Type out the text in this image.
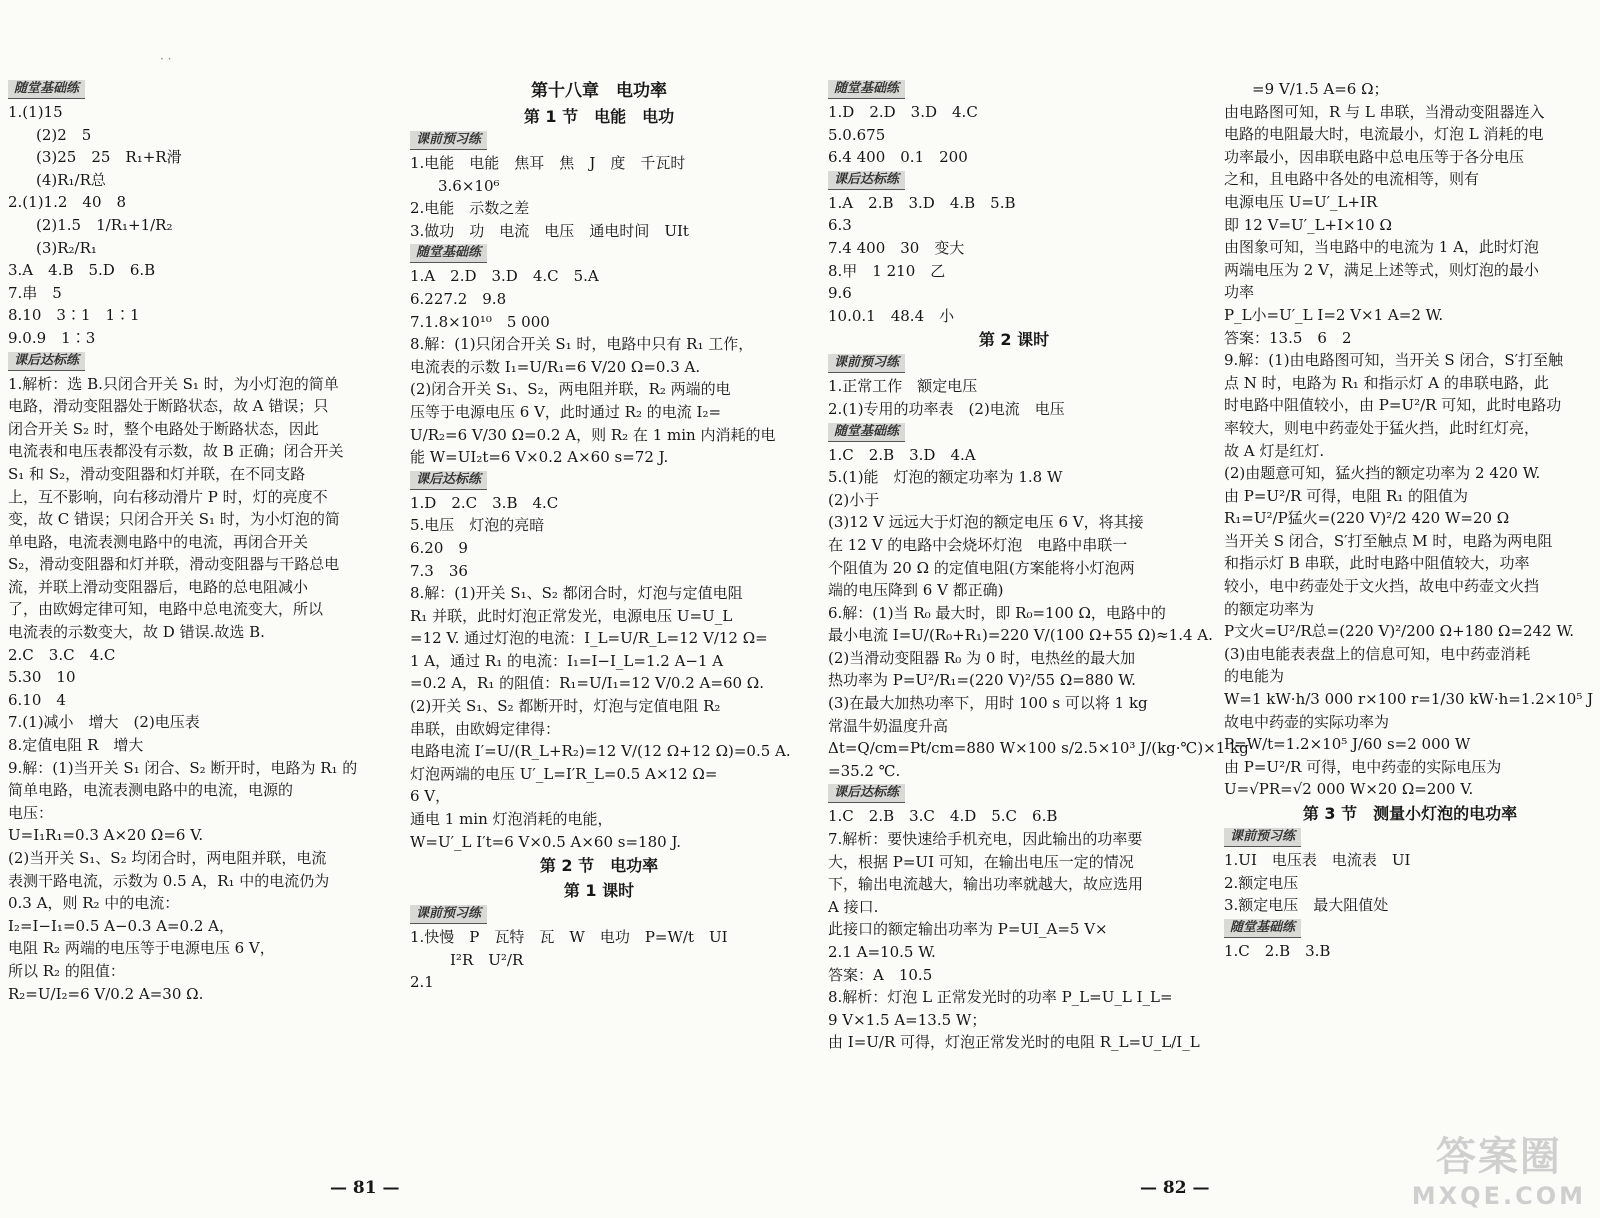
· ·
随堂基础练
1.(1)15
(2)2　5
(3)25　25　R₁+R滑
(4)R₁/R总
2.(1)1.2　40　8
(2)1.5　1/R₁+1/R₂
(3)R₂/R₁
3.A　4.B　5.D　6.B
7.串　5
8.10　3∶1　1∶1
9.0.9　1∶3
课后达标练
1.解析：选 B.只闭合开关 S₁ 时，为小灯泡的简单
电路，滑动变阻器处于断路状态，故 A 错误；只
闭合开关 S₂ 时，整个电路处于断路状态，因此
电流表和电压表都没有示数，故 B 正确；闭合开关
S₁ 和 S₂，滑动变阻器和灯并联，在不同支路
上，互不影响，向右移动滑片 P 时，灯的亮度不
变，故 C 错误；只闭合开关 S₁ 时，为小灯泡的简
单电路，电流表测电路中的电流，再闭合开关
S₂，滑动变阻器和灯并联，滑动变阻器与干路总电
流，并联上滑动变阻器后，电路的总电阻减小
了，由欧姆定律可知，电路中总电流变大，所以
电流表的示数变大，故 D 错误.故选 B.
2.C　3.C　4.C
5.30　10
6.10　4
7.(1)减小　增大　(2)电压表
8.定值电阻 R　增大
9.解：(1)当开关 S₁ 闭合、S₂ 断开时，电路为 R₁ 的
简单电路，电流表测电路中的电流，电源的
电压：
U=I₁R₁=0.3 A×20 Ω=6 V.
(2)当开关 S₁、S₂ 均闭合时，两电阻并联，电流
表测干路电流，示数为 0.5 A，R₁ 中的电流仍为
0.3 A，则 R₂ 中的电流：
I₂=I−I₁=0.5 A−0.3 A=0.2 A，
电阻 R₂ 两端的电压等于电源电压 6 V，
所以 R₂ 的阻值：
R₂=U/I₂=6 V/0.2 A=30 Ω.
第十八章　电功率
第 1 节　电能　电功
课前预习练
1.电能　电能　焦耳　焦　J　度　千瓦时
3.6×10⁶
2.电能　示数之差
3.做功　功　电流　电压　通电时间　UIt
随堂基础练
1.A　2.D　3.D　4.C　5.A
6.227.2　9.8
7.1.8×10¹⁰　5 000
8.解：(1)只闭合开关 S₁ 时，电路中只有 R₁ 工作，
电流表的示数 I₁=U/R₁=6 V/20 Ω=0.3 A.
(2)闭合开关 S₁、S₂，两电阻并联，R₂ 两端的电
压等于电源电压 6 V，此时通过 R₂ 的电流 I₂=
U/R₂=6 V/30 Ω=0.2 A，则 R₂ 在 1 min 内消耗的电
能 W=UI₂t=6 V×0.2 A×60 s=72 J.
课后达标练
1.D　2.C　3.B　4.C
5.电压　灯泡的亮暗
6.20　9
7.3　36
8.解：(1)开关 S₁、S₂ 都闭合时，灯泡与定值电阻
R₁ 并联，此时灯泡正常发光，电源电压 U=U_L
=12 V. 通过灯泡的电流：I_L=U/R_L=12 V/12 Ω=
1 A，通过 R₁ 的电流：I₁=I−I_L=1.2 A−1 A
=0.2 A，R₁ 的阻值：R₁=U/I₁=12 V/0.2 A=60 Ω.
(2)开关 S₁、S₂ 都断开时，灯泡与定值电阻 R₂
串联，由欧姆定律得：
电路电流 I′=U/(R_L+R₂)=12 V/(12 Ω+12 Ω)=0.5 A.
灯泡两端的电压 U′_L=I′R_L=0.5 A×12 Ω=
6 V，
通电 1 min 灯泡消耗的电能，
W=U′_L I′t=6 V×0.5 A×60 s=180 J.
第 2 节　电功率
第 1 课时
课前预习练
1.快慢　P　瓦特　瓦　W　电功　P=W/t　UI
I²R　U²/R
2.1
随堂基础练
1.D　2.D　3.D　4.C
5.0.675
6.4 400　0.1　200
课后达标练
1.A　2.B　3.D　4.B　5.B
6.3
7.4 400　30　变大
8.甲　1 210　乙
9.6
10.0.1　48.4　小
第 2 课时
课前预习练
1.正常工作　额定电压
2.(1)专用的功率表　(2)电流　电压
随堂基础练
1.C　2.B　3.D　4.A
5.(1)能　灯泡的额定功率为 1.8 W
(2)小于
(3)12 V 远远大于灯泡的额定电压 6 V，将其接
在 12 V 的电路中会烧坏灯泡　电路中串联一
个阻值为 20 Ω 的定值电阻(方案能将小灯泡两
端的电压降到 6 V 都正确)
6.解：(1)当 R₀ 最大时，即 R₀=100 Ω，电路中的
最小电流 I=U/(R₀+R₁)=220 V/(100 Ω+55 Ω)≈1.4 A.
(2)当滑动变阻器 R₀ 为 0 时，电热丝的最大加
热功率为 P=U²/R₁=(220 V)²/55 Ω=880 W.
(3)在最大加热功率下，用时 100 s 可以将 1 kg
常温牛奶温度升高
Δt=Q/cm=Pt/cm=880 W×100 s/2.5×10³ J/(kg·℃)×1 kg
=35.2 ℃.
课后达标练
1.C　2.B　3.C　4.D　5.C　6.B
7.解析：要快速给手机充电，因此输出的功率要
大，根据 P=UI 可知，在输出电压一定的情况
下，输出电流越大，输出功率就越大，故应选用
A 接口.
此接口的额定输出功率为 P=UI_A=5 V×
2.1 A=10.5 W.
答案：A　10.5
8.解析：灯泡 L 正常发光时的功率 P_L=U_L I_L=
9 V×1.5 A=13.5 W；
由 I=U/R 可得，灯泡正常发光时的电阻 R_L=U_L/I_L
=9 V/1.5 A=6 Ω；
由电路图可知，R 与 L 串联，当滑动变阻器连入
电路的电阻最大时，电流最小，灯泡 L 消耗的电
功率最小，因串联电路中总电压等于各分电压
之和，且电路中各处的电流相等，则有
电源电压 U=U′_L+IR
即 12 V=U′_L+I×10 Ω
由图象可知，当电路中的电流为 1 A，此时灯泡
两端电压为 2 V，满足上述等式，则灯泡的最小
功率
P_L小=U′_L I=2 V×1 A=2 W.
答案：13.5　6　2
9.解：(1)由电路图可知，当开关 S 闭合，S′打至触
点 N 时，电路为 R₁ 和指示灯 A 的串联电路，此
时电路中阻值较小，由 P=U²/R 可知，此时电路功
率较大，则电中药壶处于猛火挡，此时红灯亮，
故 A 灯是红灯.
(2)由题意可知，猛火挡的额定功率为 2 420 W.
由 P=U²/R 可得，电阻 R₁ 的阻值为
R₁=U²/P猛火=(220 V)²/2 420 W=20 Ω
当开关 S 闭合，S′打至触点 M 时，电路为两电阻
和指示灯 B 串联，此时电路中阻值较大，功率
较小，电中药壶处于文火挡，故电中药壶文火挡
的额定功率为
P文火=U²/R总=(220 V)²/200 Ω+180 Ω=242 W.
(3)由电能表表盘上的信息可知，电中药壶消耗
的电能为
W=1 kW·h/3 000 r×100 r=1/30 kW·h=1.2×10⁵ J
故电中药壶的实际功率为
P=W/t=1.2×10⁵ J/60 s=2 000 W
由 P=U²/R 可得，电中药壶的实际电压为
U=√PR=√2 000 W×20 Ω=200 V.
第 3 节　测量小灯泡的电功率
课前预习练
1.UI　电压表　电流表　UI
2.额定电压
3.额定电压　最大阻值处
随堂基础练
1.C　2.B　3.B
— 81 —	— 82 —
答案圈
MXQE.COM
